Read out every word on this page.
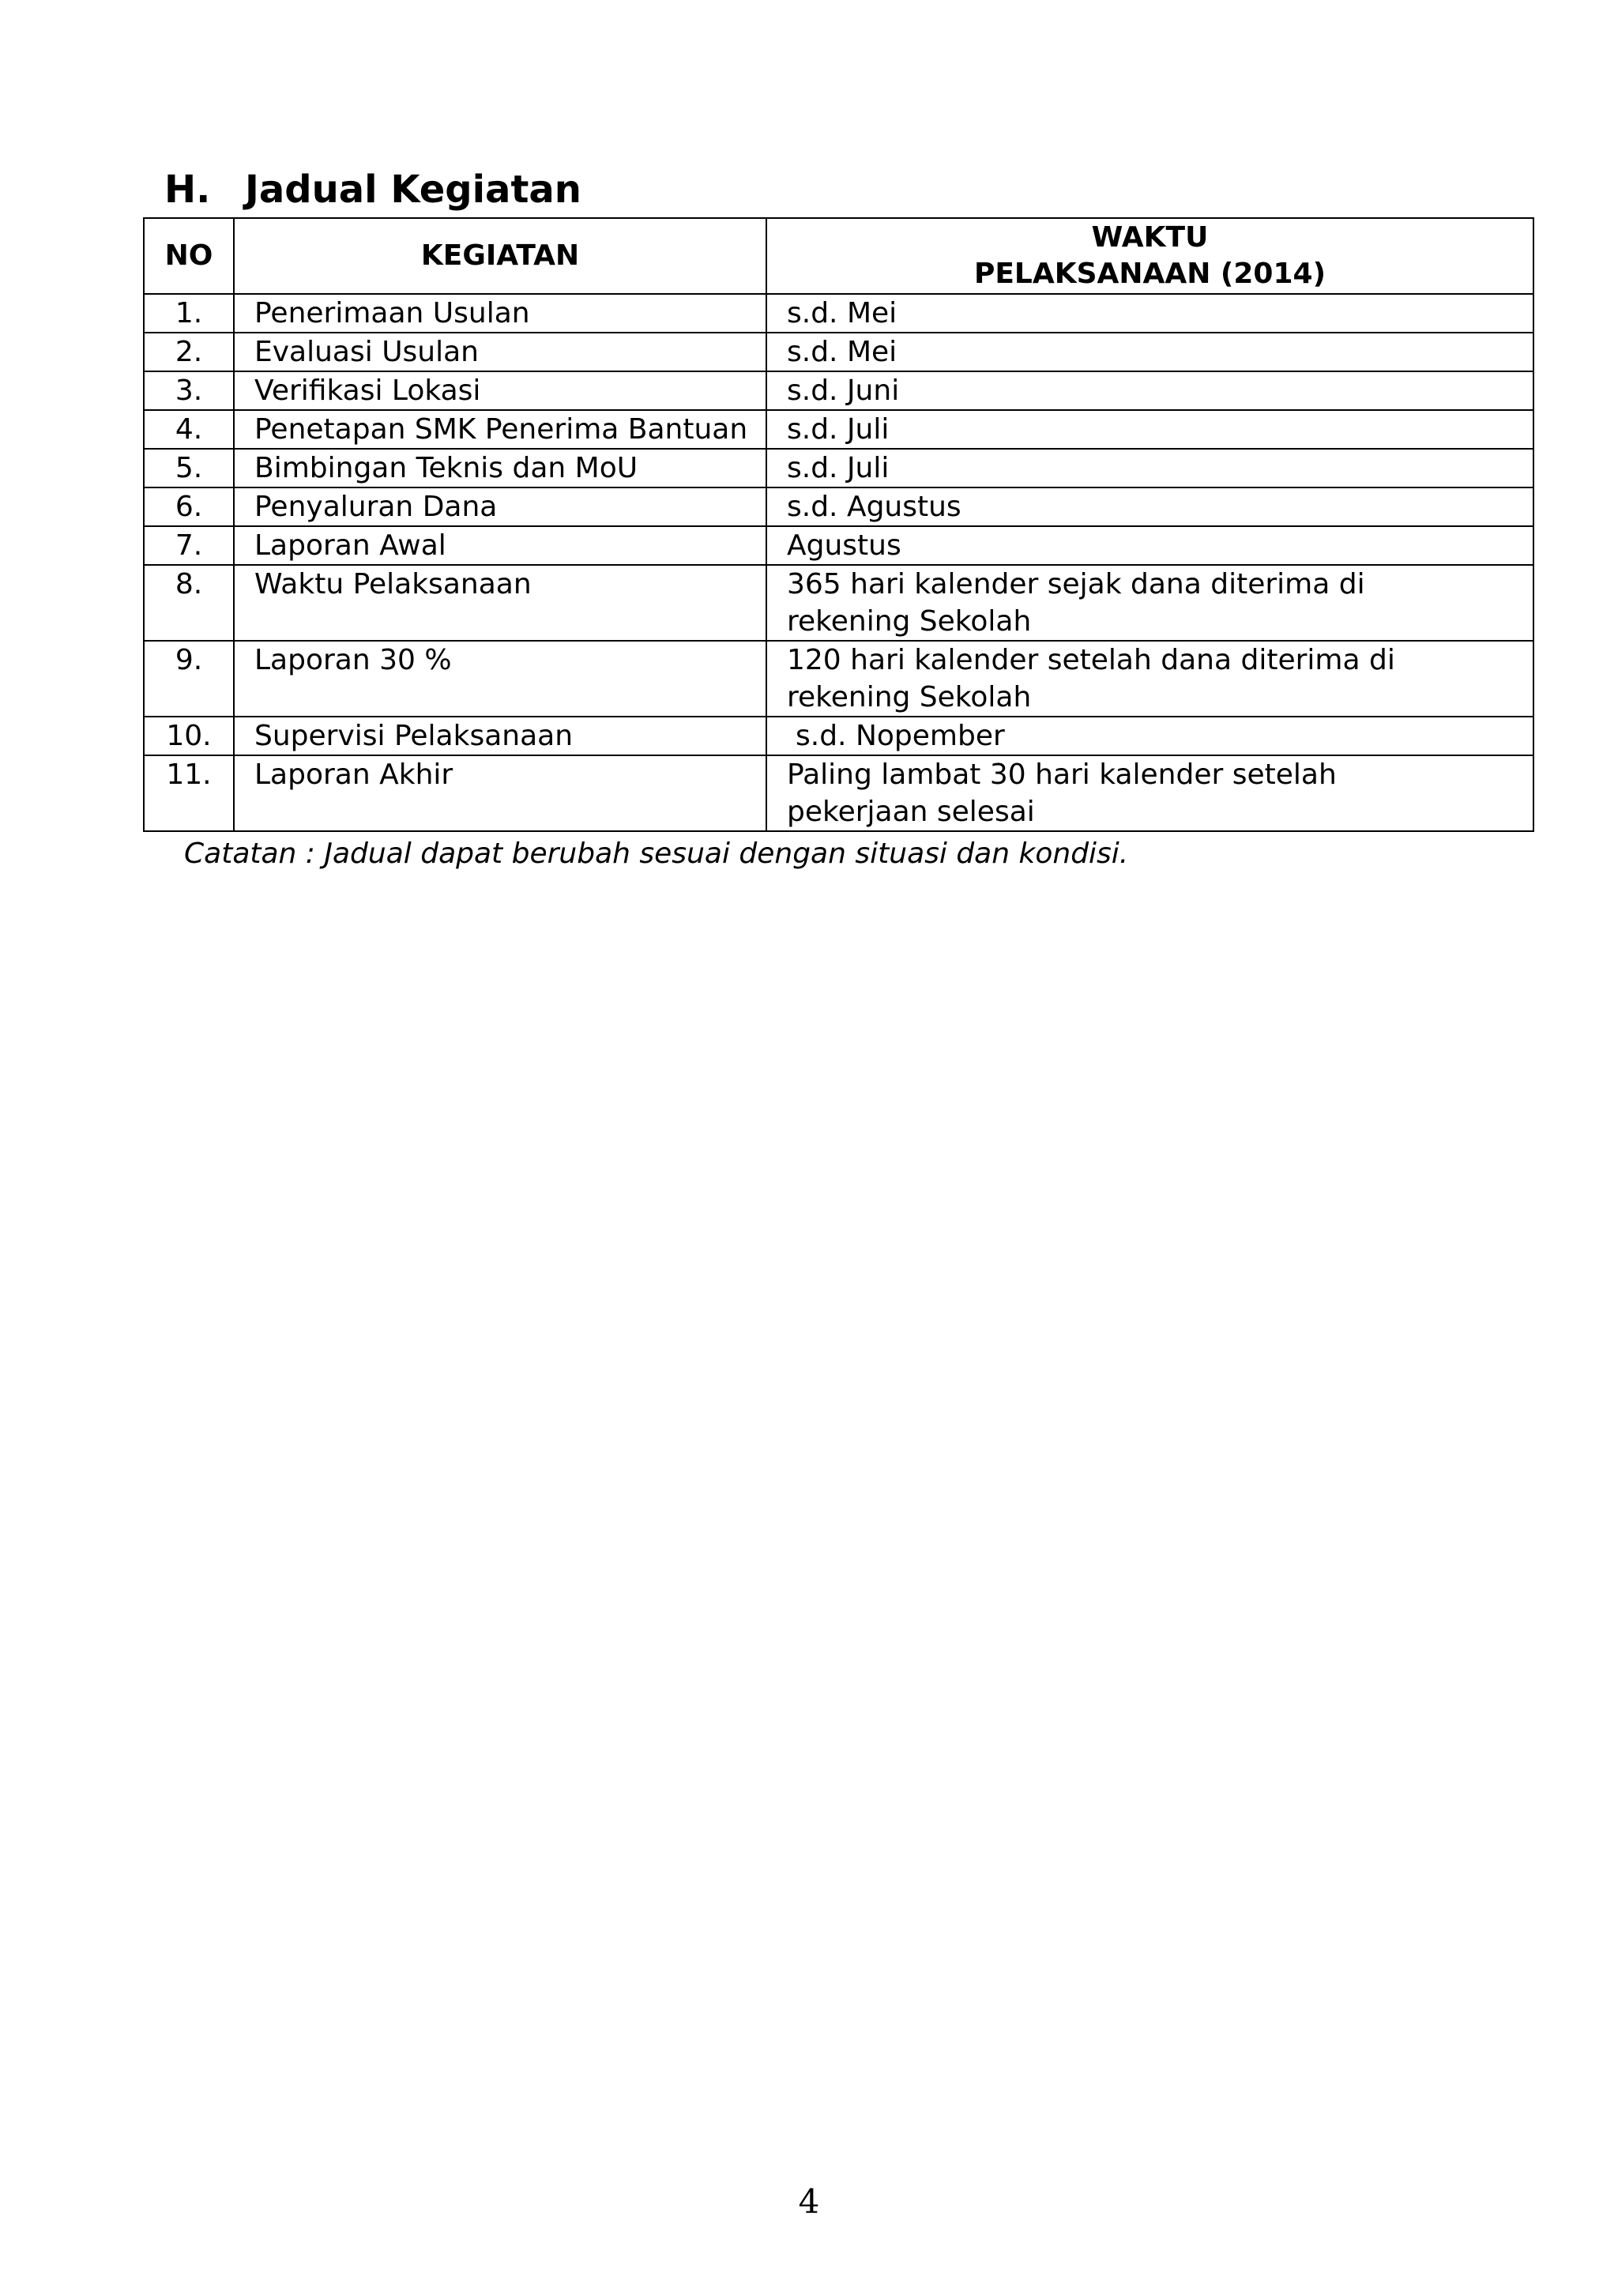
H. Jadual Kegiatan
NO	KEGIATAN	WAKTU
PELAKSANAAN (2014)

1.	Penerimaan Usulan	s.d. Mei
2.	Evaluasi Usulan	s.d. Mei
3.	Verifikasi Lokasi	s.d. Juni
4.	Penetapan SMK Penerima Bantuan	s.d. Juli
5.	Bimbingan Teknis dan MoU	s.d. Juli
6.	Penyaluran Dana	s.d. Agustus
7.	Laporan Awal	Agustus
8.	Waktu Pelaksanaan	365 hari kalender sejak dana diterima di rekening Sekolah
9.	Laporan 30 %	120 hari kalender setelah dana diterima di rekening Sekolah
10.	Supervisi Pelaksanaan	s.d. Nopember
11.	Laporan Akhir	Paling lambat 30 hari kalender setelah pekerjaan selesai
Catatan : Jadual dapat berubah sesuai dengan situasi dan kondisi.
4
